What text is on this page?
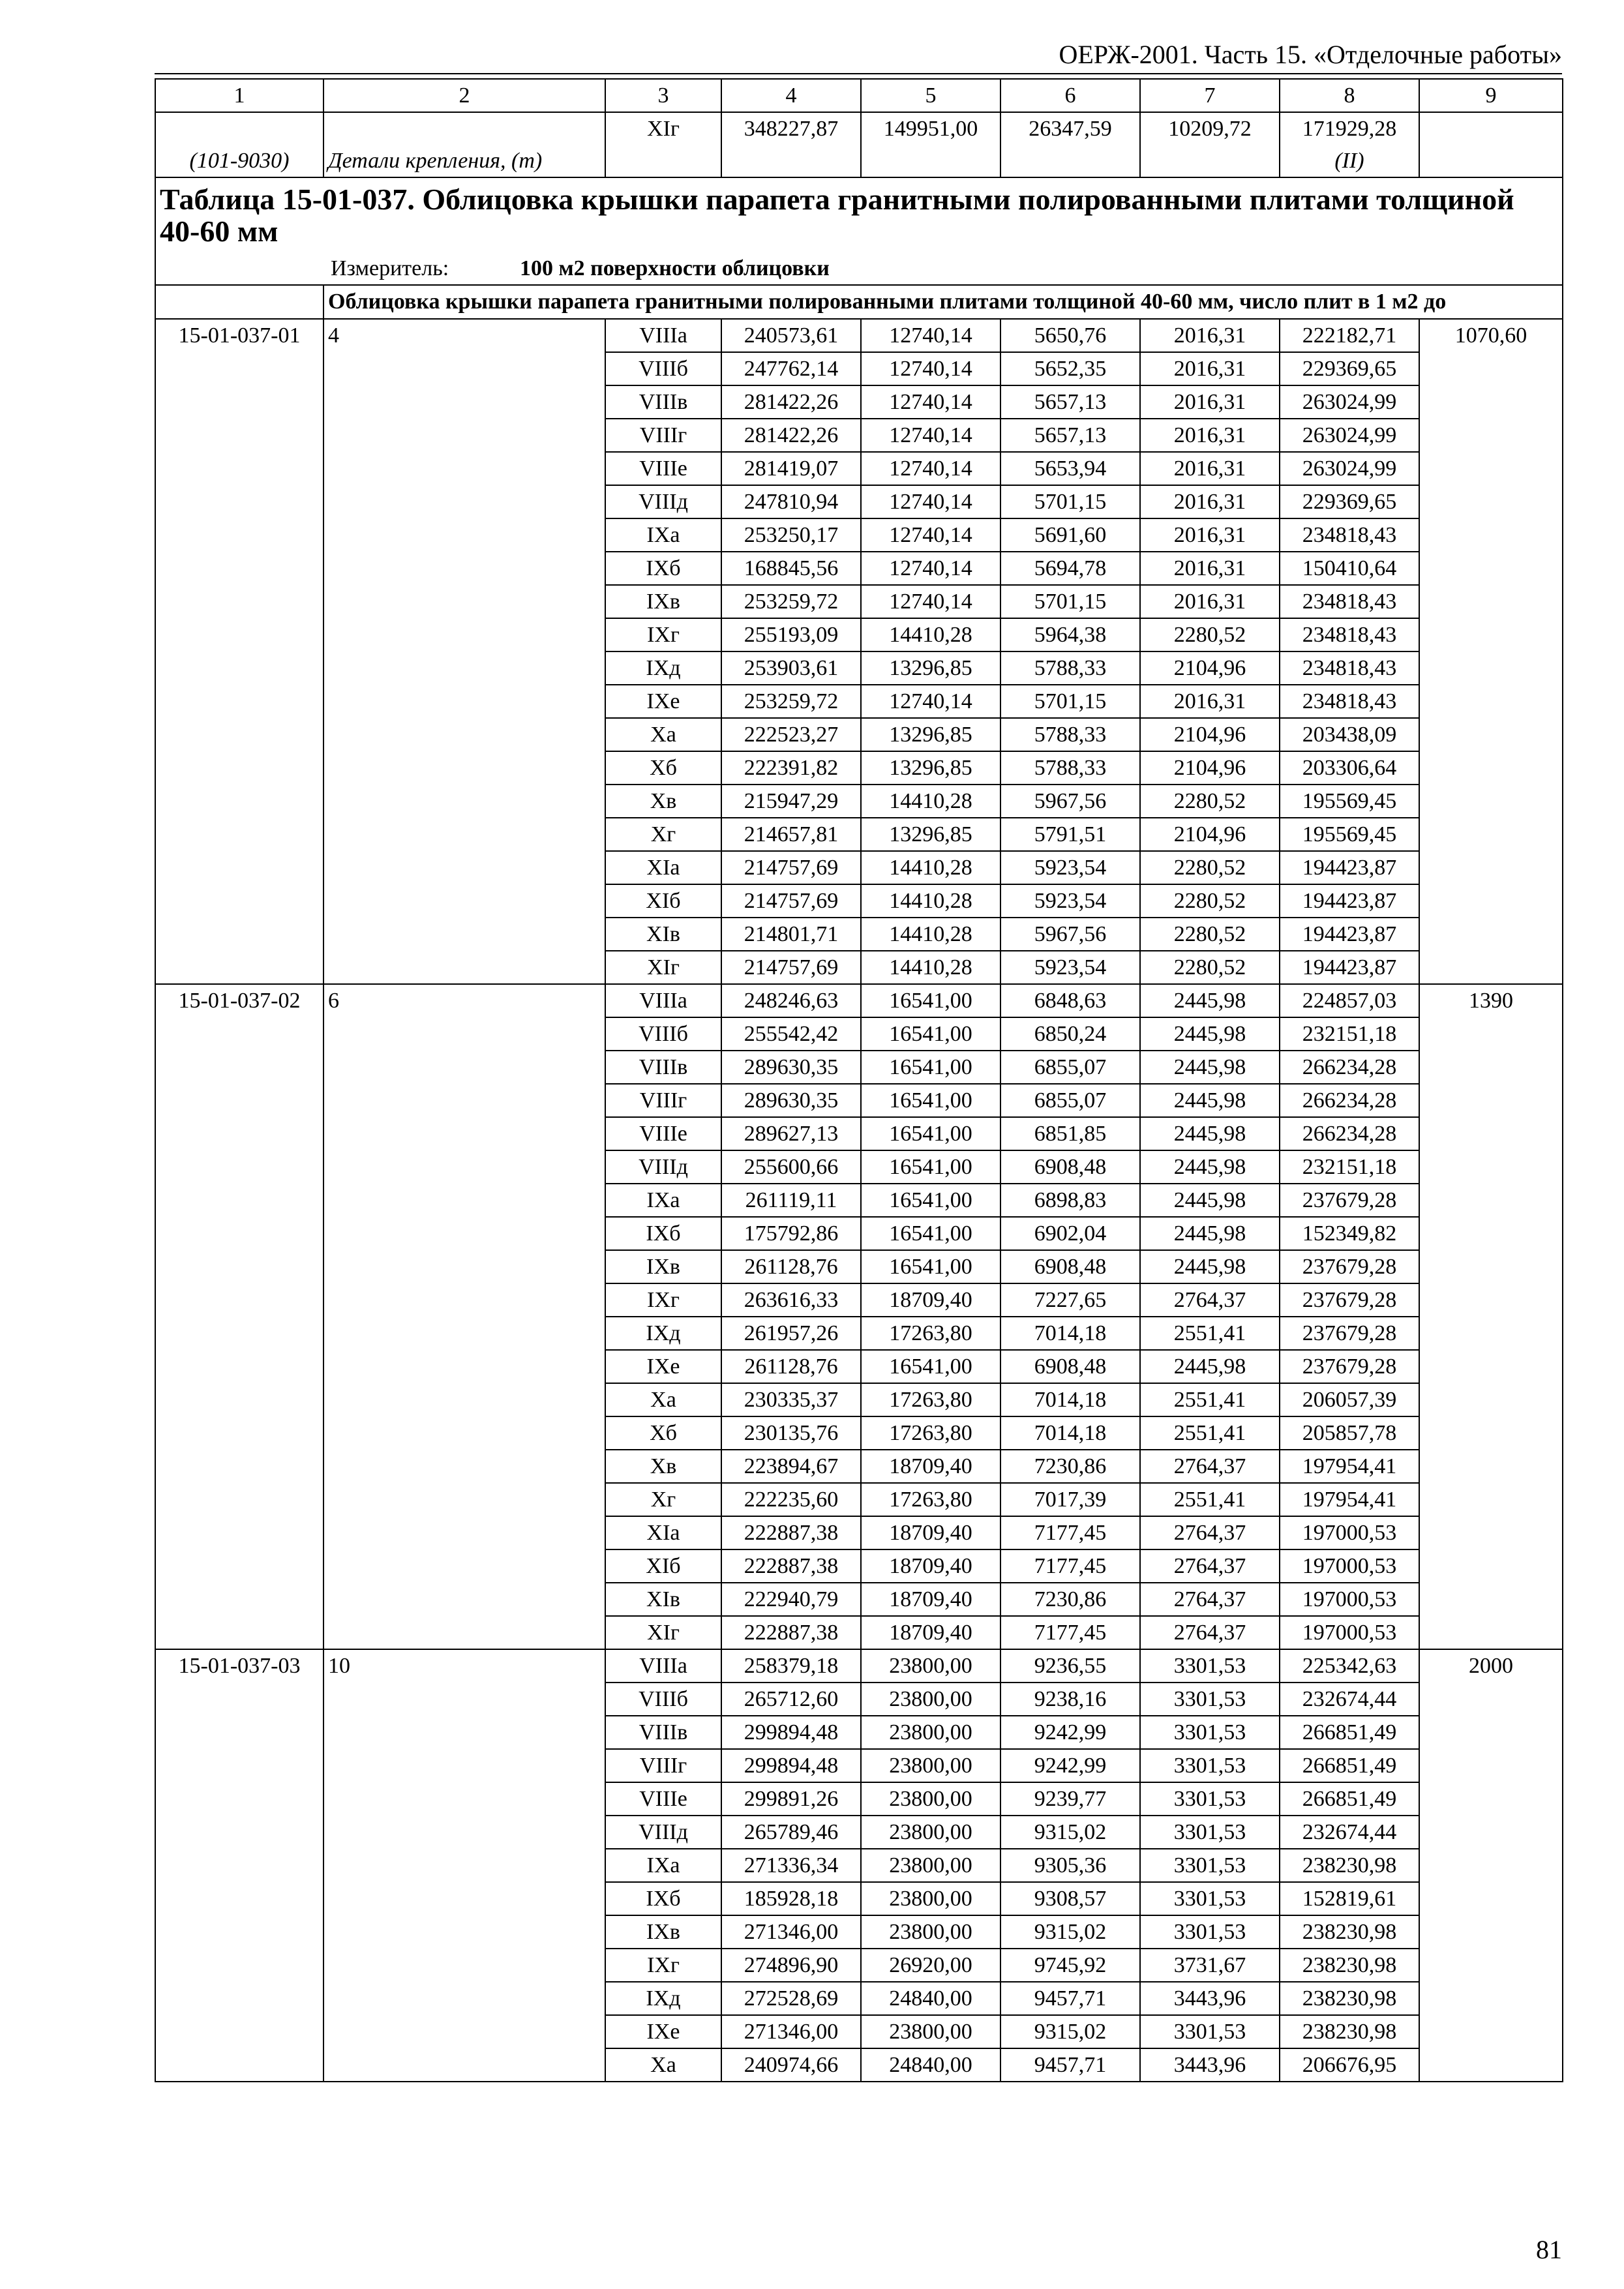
ОЕРЖ-2001. Часть 15. «Отделочные работы»
1	2	3	4	5	6	7	8	9
(101-9030)	Детали крепления, (т)	XIг	348227,87	149951,00	26347,59	10209,72	171929,28
(II)	

Таблица 15-01-037. Облицовка крышки парапета гранитными полированными плитами толщиной 40-60 мм								
Измеритель: 100 м2 поверхности облицовки								
	Облицовка крышки парапета гранитными полированными плитами толщиной 40-60 мм, число плит в 1 м2 до							
15-01-037-01	4	VIIIа	240573,61	12740,14	5650,76	2016,31	222182,71	1070,60
		VIIIб	247762,14	12740,14	5652,35	2016,31	229369,65	
		VIIIв	281422,26	12740,14	5657,13	2016,31	263024,99	
		VIIIг	281422,26	12740,14	5657,13	2016,31	263024,99	
		VIIIе	281419,07	12740,14	5653,94	2016,31	263024,99	
		VIIIд	247810,94	12740,14	5701,15	2016,31	229369,65	
		IXа	253250,17	12740,14	5691,60	2016,31	234818,43	
		IXб	168845,56	12740,14	5694,78	2016,31	150410,64	
		IXв	253259,72	12740,14	5701,15	2016,31	234818,43	
		IXг	255193,09	14410,28	5964,38	2280,52	234818,43	
		IXд	253903,61	13296,85	5788,33	2104,96	234818,43	
		IXе	253259,72	12740,14	5701,15	2016,31	234818,43	
		Xа	222523,27	13296,85	5788,33	2104,96	203438,09	
		Xб	222391,82	13296,85	5788,33	2104,96	203306,64	
		Xв	215947,29	14410,28	5967,56	2280,52	195569,45	
		Xг	214657,81	13296,85	5791,51	2104,96	195569,45	
		XIа	214757,69	14410,28	5923,54	2280,52	194423,87	
		XIб	214757,69	14410,28	5923,54	2280,52	194423,87	
		XIв	214801,71	14410,28	5967,56	2280,52	194423,87	
		XIг	214757,69	14410,28	5923,54	2280,52	194423,87	
15-01-037-02	6	VIIIа	248246,63	16541,00	6848,63	2445,98	224857,03	1390
		VIIIб	255542,42	16541,00	6850,24	2445,98	232151,18	
		VIIIв	289630,35	16541,00	6855,07	2445,98	266234,28	
		VIIIг	289630,35	16541,00	6855,07	2445,98	266234,28	
		VIIIе	289627,13	16541,00	6851,85	2445,98	266234,28	
		VIIIд	255600,66	16541,00	6908,48	2445,98	232151,18	
		IXа	261119,11	16541,00	6898,83	2445,98	237679,28	
		IXб	175792,86	16541,00	6902,04	2445,98	152349,82	
		IXв	261128,76	16541,00	6908,48	2445,98	237679,28	
		IXг	263616,33	18709,40	7227,65	2764,37	237679,28	
		IXд	261957,26	17263,80	7014,18	2551,41	237679,28	
		IXе	261128,76	16541,00	6908,48	2445,98	237679,28	
		Xа	230335,37	17263,80	7014,18	2551,41	206057,39	
		Xб	230135,76	17263,80	7014,18	2551,41	205857,78	
		Xв	223894,67	18709,40	7230,86	2764,37	197954,41	
		Xг	222235,60	17263,80	7017,39	2551,41	197954,41	
		XIа	222887,38	18709,40	7177,45	2764,37	197000,53	
		XIб	222887,38	18709,40	7177,45	2764,37	197000,53	
		XIв	222940,79	18709,40	7230,86	2764,37	197000,53	
		XIг	222887,38	18709,40	7177,45	2764,37	197000,53	
15-01-037-03	10	VIIIа	258379,18	23800,00	9236,55	3301,53	225342,63	2000
		VIIIб	265712,60	23800,00	9238,16	3301,53	232674,44	
		VIIIв	299894,48	23800,00	9242,99	3301,53	266851,49	
		VIIIг	299894,48	23800,00	9242,99	3301,53	266851,49	
		VIIIе	299891,26	23800,00	9239,77	3301,53	266851,49	
		VIIIд	265789,46	23800,00	9315,02	3301,53	232674,44	
		IXа	271336,34	23800,00	9305,36	3301,53	238230,98	
		IXб	185928,18	23800,00	9308,57	3301,53	152819,61	
		IXв	271346,00	23800,00	9315,02	3301,53	238230,98	
		IXг	274896,90	26920,00	9745,92	3731,67	238230,98	
		IXд	272528,69	24840,00	9457,71	3443,96	238230,98	
		IXе	271346,00	23800,00	9315,02	3301,53	238230,98	
		Xа	240974,66	24840,00	9457,71	3443,96	206676,95	
81
